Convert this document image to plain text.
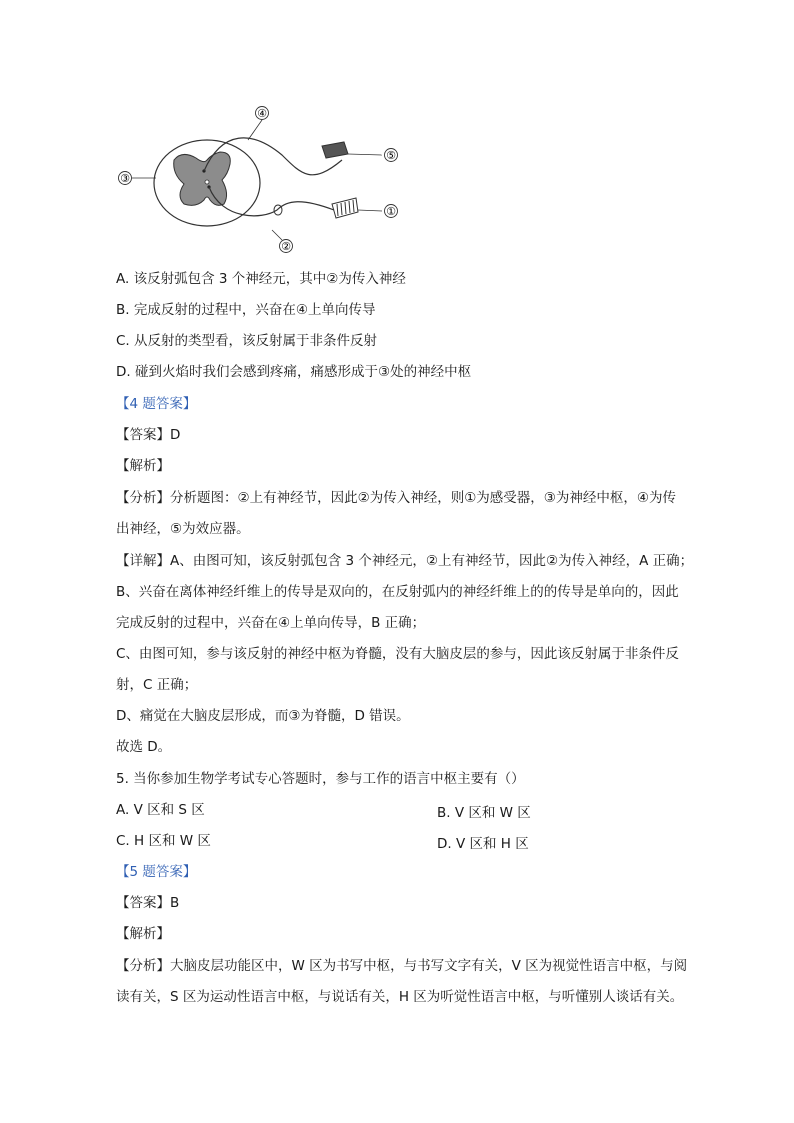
③
④
⑤
①
②
A. 该反射弧包含 3 个神经元，其中②为传入神经
B. 完成反射的过程中，兴奋在④上单向传导
C. 从反射的类型看，该反射属于非条件反射
D. 碰到火焰时我们会感到疼痛，痛感形成于③处的神经中枢
【4 题答案】
【答案】D
【解析】
【分析】分析题图：②上有神经节，因此②为传入神经，则①为感受器，③为神经中枢，④为传
出神经，⑤为效应器。
【详解】A、由图可知，该反射弧包含 3 个神经元，②上有神经节，因此②为传入神经，A 正确；
B、兴奋在离体神经纤维上的传导是双向的，在反射弧内的神经纤维上的的传导是单向的，因此
完成反射的过程中，兴奋在④上单向传导，B 正确；
C、由图可知，参与该反射的神经中枢为脊髓，没有大脑皮层的参与，因此该反射属于非条件反
射，C 正确；
D、痛觉在大脑皮层形成，而③为脊髓，D 错误。
故选 D。
5. 当你参加生物学考试专心答题时，参与工作的语言中枢主要有（）
A. V 区和 S 区	B. V 区和 W 区
C. H 区和 W 区	D. V 区和 H 区
【5 题答案】
【答案】B
【解析】
【分析】大脑皮层功能区中，W 区为书写中枢，与书写文字有关，V 区为视觉性语言中枢，与阅
读有关，S 区为运动性语言中枢，与说话有关，H 区为听觉性语言中枢，与听懂别人谈话有关。
